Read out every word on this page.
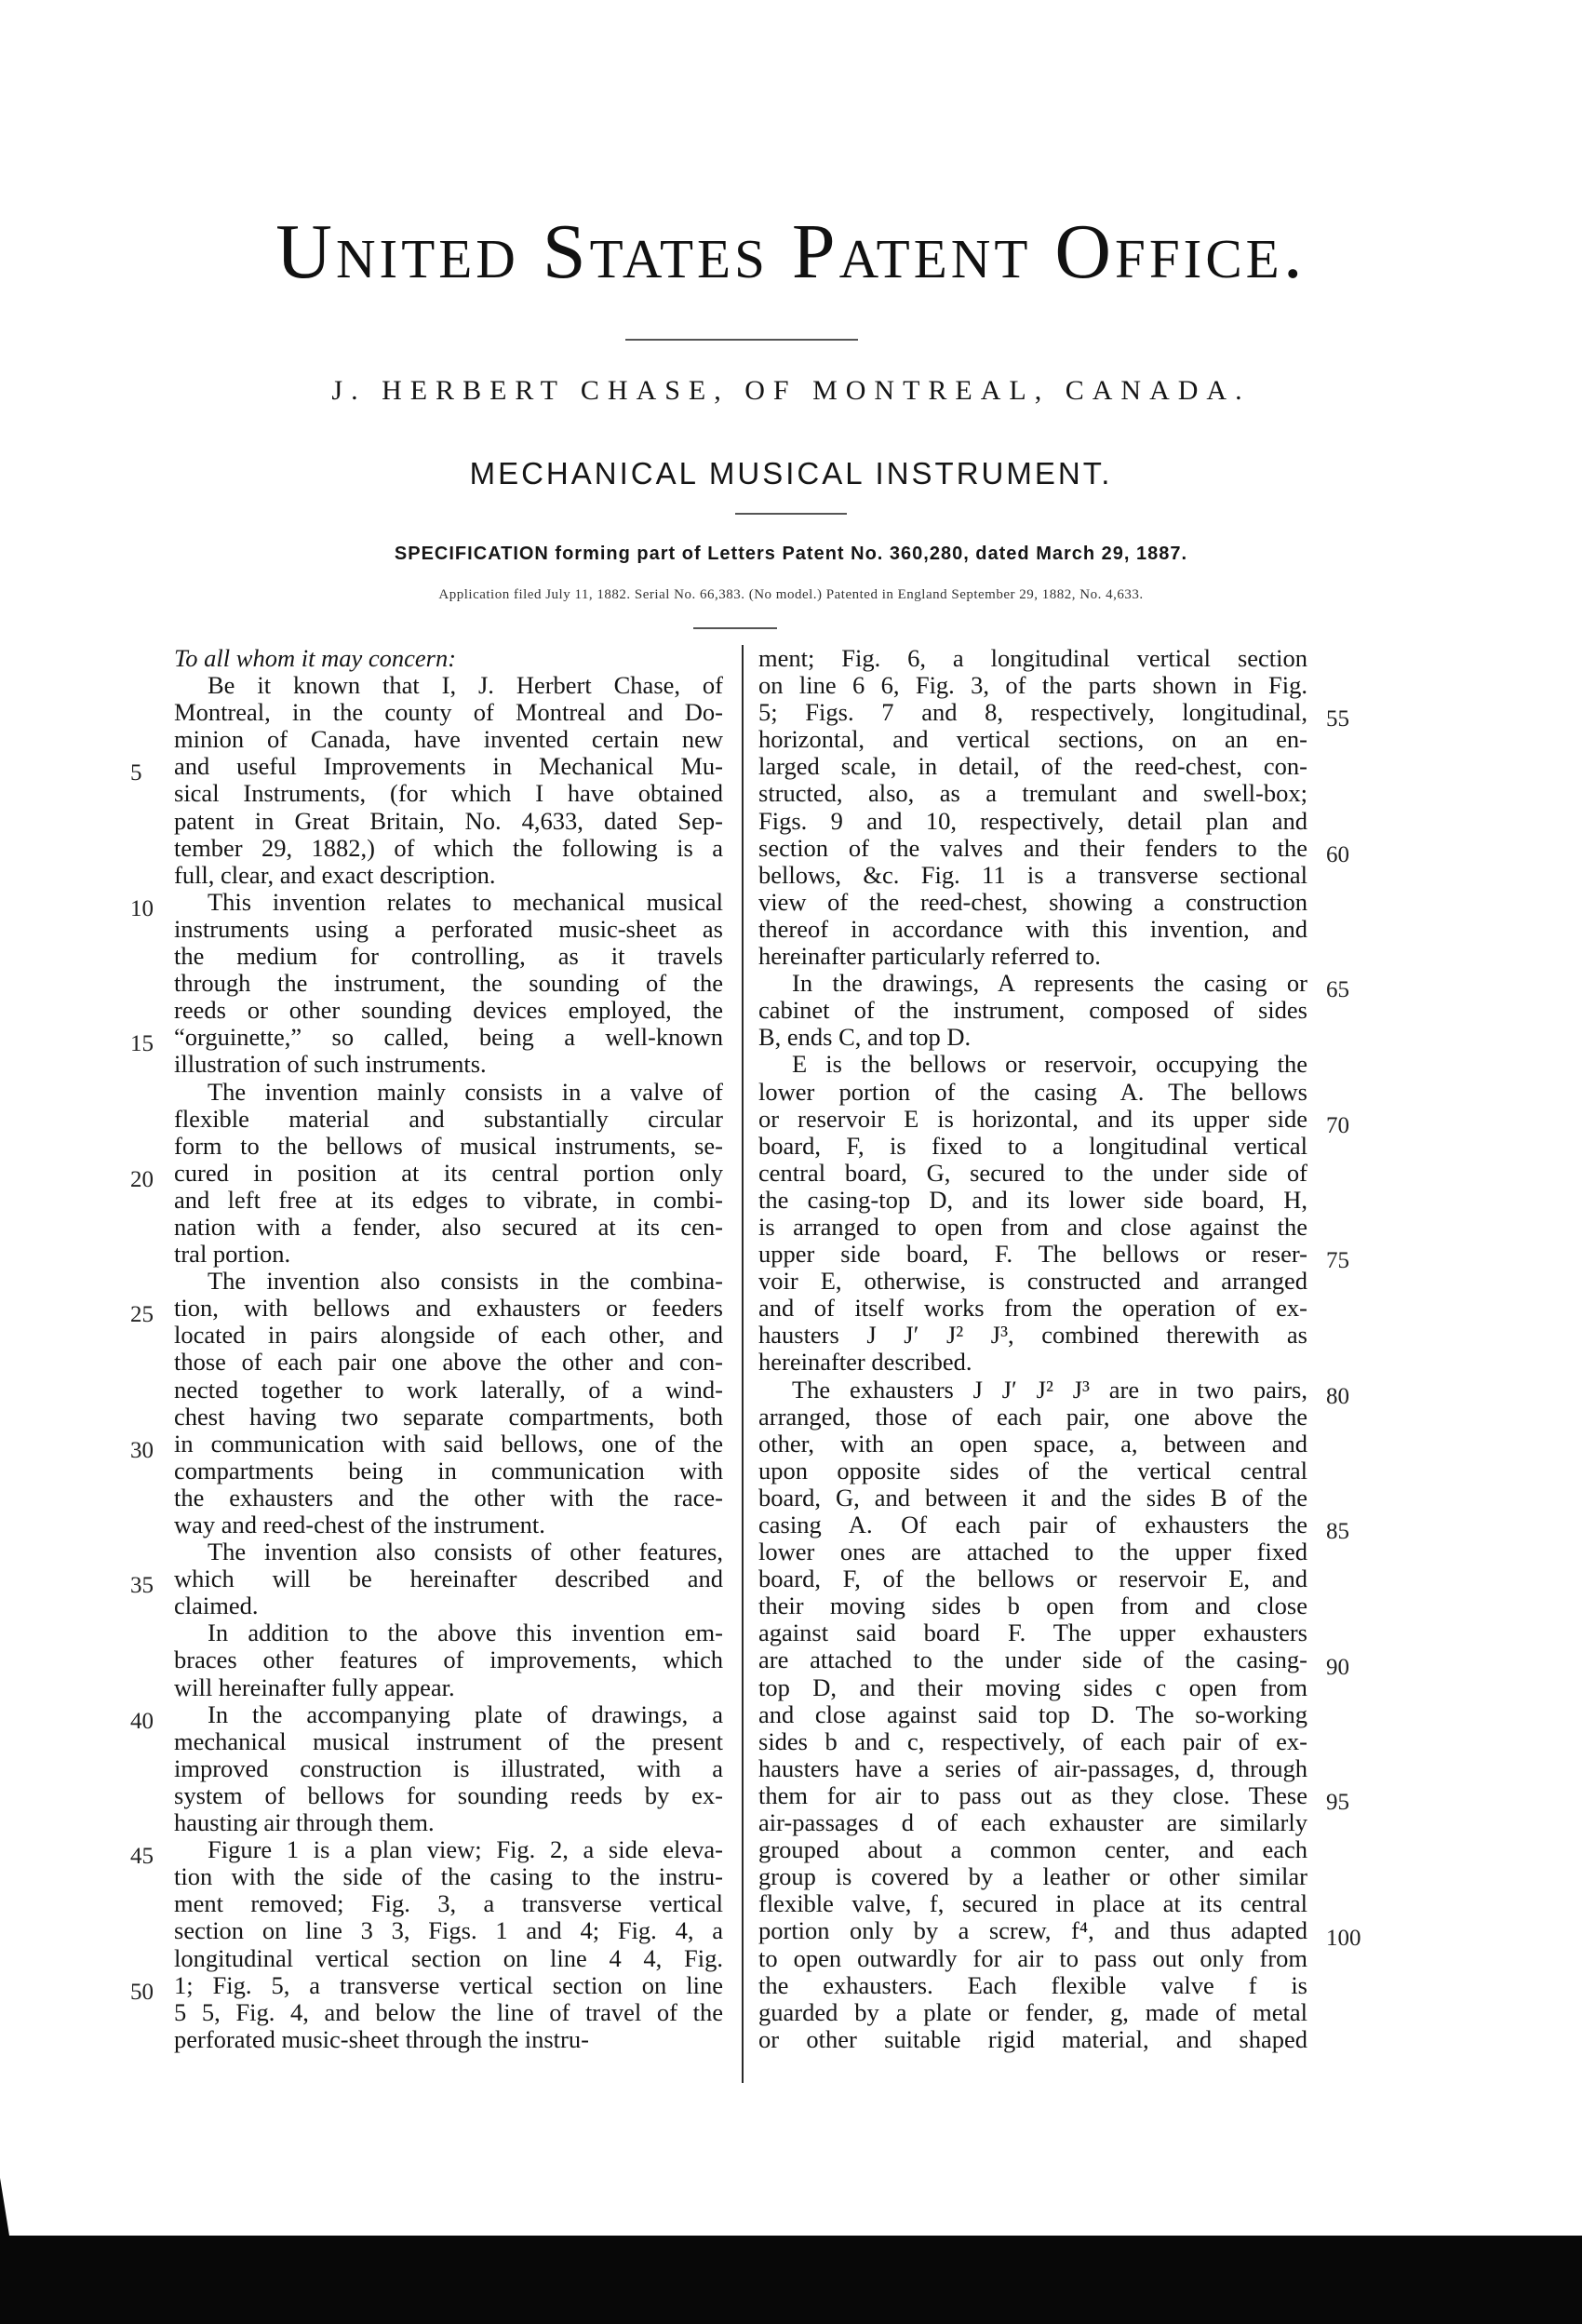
United States Patent Office.
J. HERBERT CHASE, OF MONTREAL, CANADA.
MECHANICAL MUSICAL INSTRUMENT.
SPECIFICATION forming part of Letters Patent No. 360,280, dated March 29, 1887.
Application filed July 11, 1882. Serial No. 66,383. (No model.) Patented in England September 29, 1882, No. 4,633.
To all whom it may concern:
Be it known that I, J. Herbert Chase, of
Montreal, in the county of Montreal and Do-
minion of Canada, have invented certain new
and useful Improvements in Mechanical Mu-
sical Instruments, (for which I have obtained
patent in Great Britain, No. 4,633, dated Sep-
tember 29, 1882,) of which the following is a
full, clear, and exact description.
This invention relates to mechanical musical
instruments using a perforated music-sheet as
the medium for controlling, as it travels
through the instrument, the sounding of the
reeds or other sounding devices employed, the
“orguinette,” so called, being a well-known
illustration of such instruments.
The invention mainly consists in a valve of
flexible material and substantially circular
form to the bellows of musical instruments, se-
cured in position at its central portion only
and left free at its edges to vibrate, in combi-
nation with a fender, also secured at its cen-
tral portion.
The invention also consists in the combina-
tion, with bellows and exhausters or feeders
located in pairs alongside of each other, and
those of each pair one above the other and con-
nected together to work laterally, of a wind-
chest having two separate compartments, both
in communication with said bellows, one of the
compartments being in communication with
the exhausters and the other with the race-
way and reed-chest of the instrument.
The invention also consists of other features,
which will be hereinafter described and
claimed.
In addition to the above this invention em-
braces other features of improvements, which
will hereinafter fully appear.
In the accompanying plate of drawings, a
mechanical musical instrument of the present
improved construction is illustrated, with a
system of bellows for sounding reeds by ex-
hausting air through them.
Figure 1 is a plan view; Fig. 2, a side eleva-
tion with the side of the casing to the instru-
ment removed; Fig. 3, a transverse vertical
section on line 3 3, Figs. 1 and 4; Fig. 4, a
longitudinal vertical section on line 4 4, Fig.
1; Fig. 5, a transverse vertical section on line
5 5, Fig. 4, and below the line of travel of the
perforated music-sheet through the instru-
ment; Fig. 6, a longitudinal vertical section
on line 6 6, Fig. 3, of the parts shown in Fig.
5; Figs. 7 and 8, respectively, longitudinal,
horizontal, and vertical sections, on an en-
larged scale, in detail, of the reed-chest, con-
structed, also, as a tremulant and swell-box;
Figs. 9 and 10, respectively, detail plan and
section of the valves and their fenders to the
bellows, &c. Fig. 11 is a transverse sectional
view of the reed-chest, showing a construction
thereof in accordance with this invention, and
hereinafter particularly referred to.
In the drawings, A represents the casing or
cabinet of the instrument, composed of sides
B, ends C, and top D.
E is the bellows or reservoir, occupying the
lower portion of the casing A. The bellows
or reservoir E is horizontal, and its upper side
board, F, is fixed to a longitudinal vertical
central board, G, secured to the under side of
the casing-top D, and its lower side board, H,
is arranged to open from and close against the
upper side board, F. The bellows or reser-
voir E, otherwise, is constructed and arranged
and of itself works from the operation of ex-
hausters J J′ J² J³, combined therewith as
hereinafter described.
The exhausters J J′ J² J³ are in two pairs,
arranged, those of each pair, one above the
other, with an open space, a, between and
upon opposite sides of the vertical central
board, G, and between it and the sides B of the
casing A. Of each pair of exhausters the
lower ones are attached to the upper fixed
board, F, of the bellows or reservoir E, and
their moving sides b open from and close
against said board F. The upper exhausters
are attached to the under side of the casing-
top D, and their moving sides c open from
and close against said top D. The so-working
sides b and c, respectively, of each pair of ex-
hausters have a series of air-passages, d, through
them for air to pass out as they close. These
air-passages d of each exhauster are similarly
grouped about a common center, and each
group is covered by a leather or other similar
flexible valve, f, secured in place at its central
portion only by a screw, f⁴, and thus adapted
to open outwardly for air to pass out only from
the exhausters. Each flexible valve f is
guarded by a plate or fender, g, made of metal
or other suitable rigid material, and shaped
5
10
15
20
25
30
35
40
45
50
55
60
65
70
75
80
85
90
95
100
